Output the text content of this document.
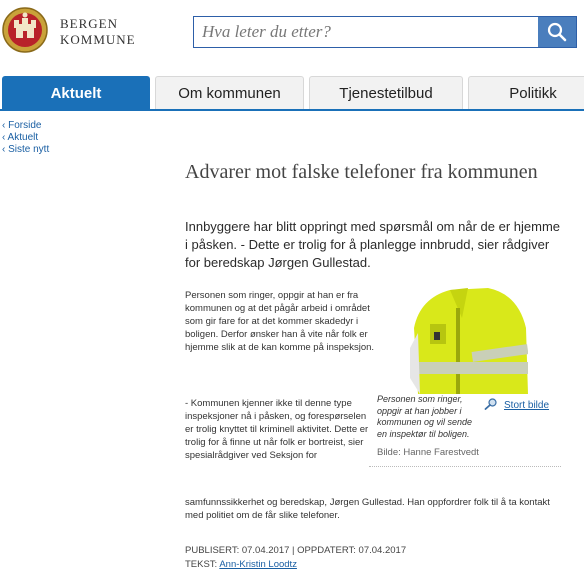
BERGEN
KOMMUNE
Hva leter du etter?
Aktuelt	Om kommunen	Tjenestetilbud	Politikk
‹ Forside
‹ Aktuelt
‹ Siste nytt
Advarer mot falske telefoner fra kommunen

Innbyggere har blitt oppringt med spørsmål om når de er hjemme i påsken. - Dette er trolig for å planlegge innbrudd, sier rådgiver for beredskap Jørgen Gullestad.

Personen som ringer, oppgir at han er fra kommunen og at det pågår arbeid i området som gir fare for at det kommer skadedyr i boligen. Derfor ønsker han å vite når folk er hjemme slik at de kan komme på inspeksjon.

- Kommunen kjenner ikke til denne type inspeksjoner nå i påsken, og forespørselen er trolig knyttet til kriminell aktivitet. Dette er trolig for å finne ut når folk er bortreist, sier spesialrådgiver ved Seksjon for

samfunnssikkerhet og beredskap, Jørgen Gullestad. Han oppfordrer folk til å ta kontakt med politiet om de får slike telefoner.

Personen som ringer, oppgir at han jobber i kommunen og vil sende en inspektør til boligen.
Stort bilde
Bilde: Hanne Farestvedt
PUBLISERT: 07.04.2017 | OPPDATERT: 07.04.2017
TEKST: Ann-Kristin Loodtz
